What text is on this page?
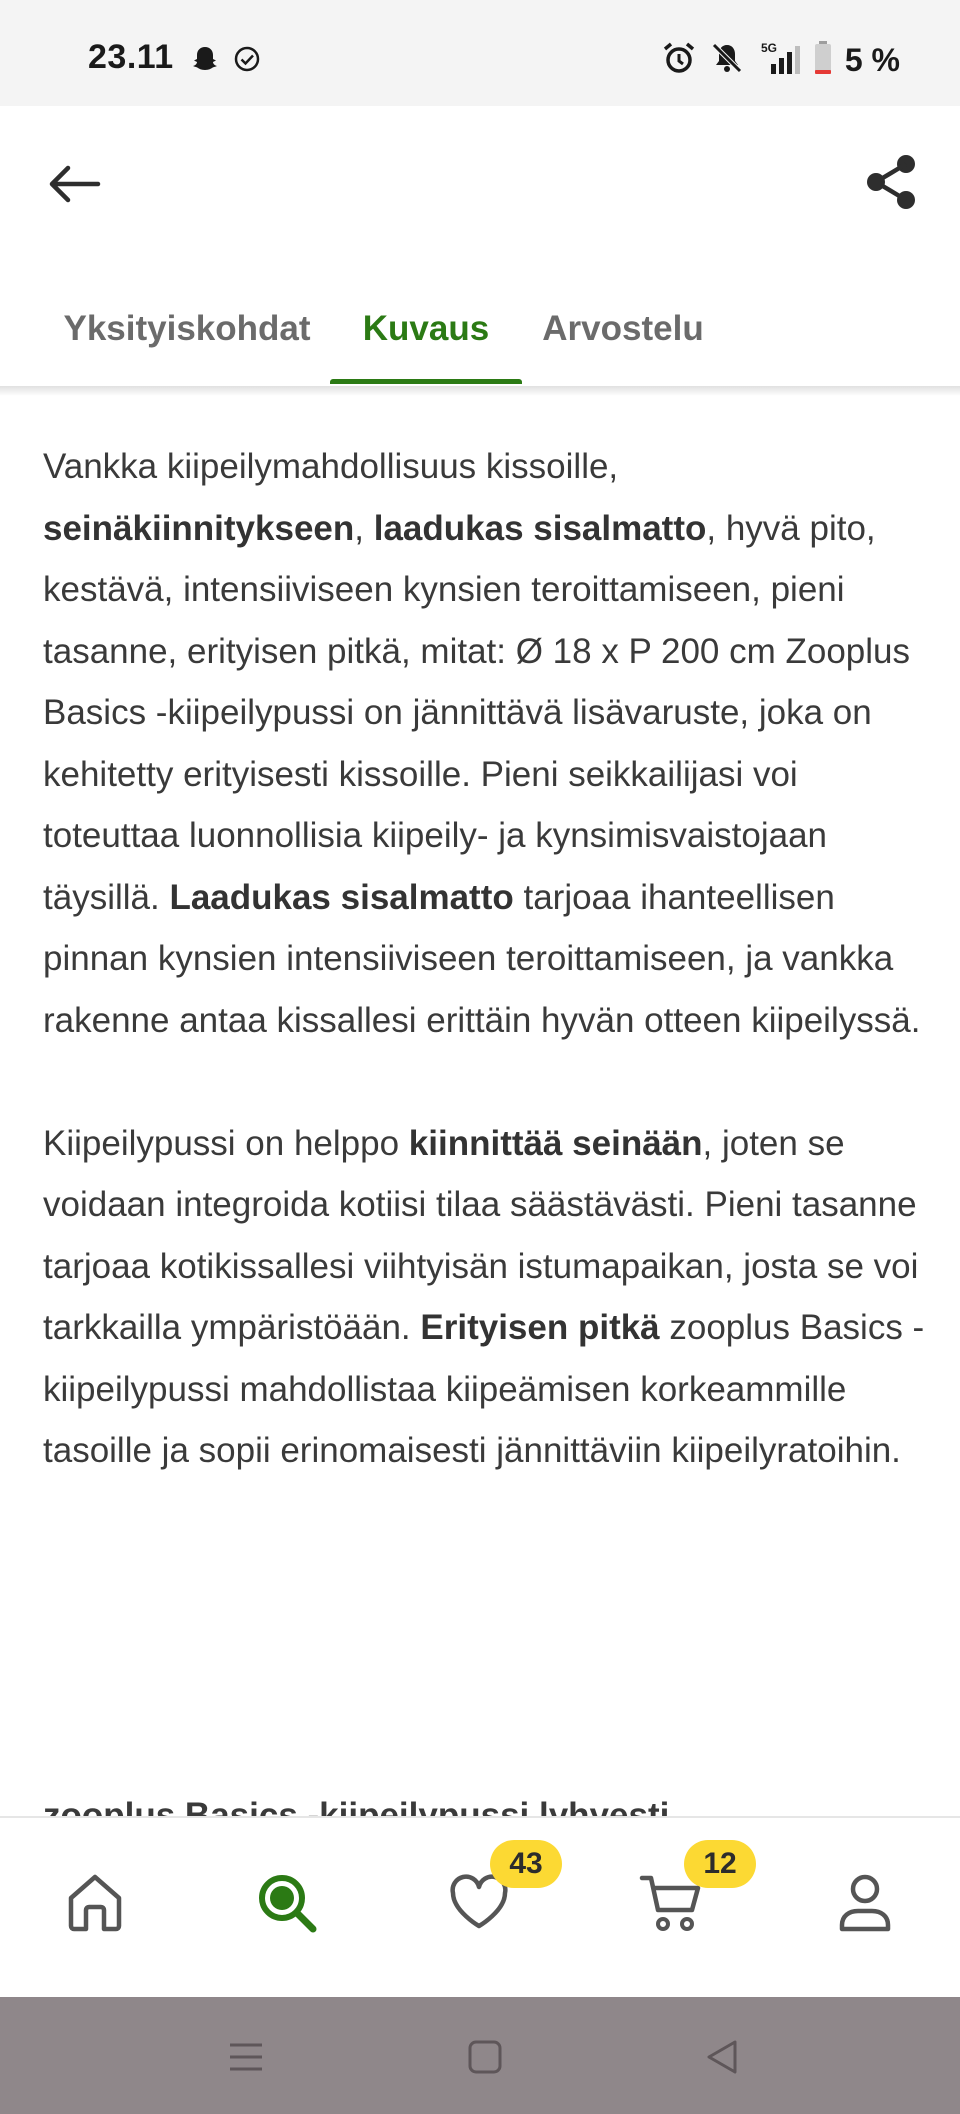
23.11	5G 5 %
Yksityiskohdat Kuvaus Arvostelu

Vankka kiipeilymahdollisuus kissoille, seinäkiinnitykseen, laadukas sisalmatto, hyvä pito, kestävä, intensiiviseen kynsien teroittamiseen, pieni tasanne, erityisen pitkä, mitat: Ø 18 x P 200 cm Zooplus Basics -kiipeilypussi on jännittävä lisävaruste, joka on kehitetty erityisesti kissoille. Pieni seikkailijasi voi toteuttaa luonnollisia kiipeily- ja kynsimisvaistojaan täysillä. Laadukas sisalmatto tarjoaa ihanteellisen pinnan kynsien intensiiviseen teroittamiseen, ja vankka rakenne antaa kissallesi erittäin hyvän otteen kiipeilyssä.

Kiipeilypussi on helppo kiinnittää seinään, joten se voidaan integroida kotiisi tilaa säästävästi. Pieni tasanne tarjoaa kotikissallesi viihtyisän istumapaikan, josta se voi tarkkailla ympäristöään. Erityisen pitkä zooplus Basics -kiipeilypussi mahdollistaa kiipeämisen korkeammille tasoille ja sopii erinomaisesti jännittäviin kiipeilyratoihin.

43	12
